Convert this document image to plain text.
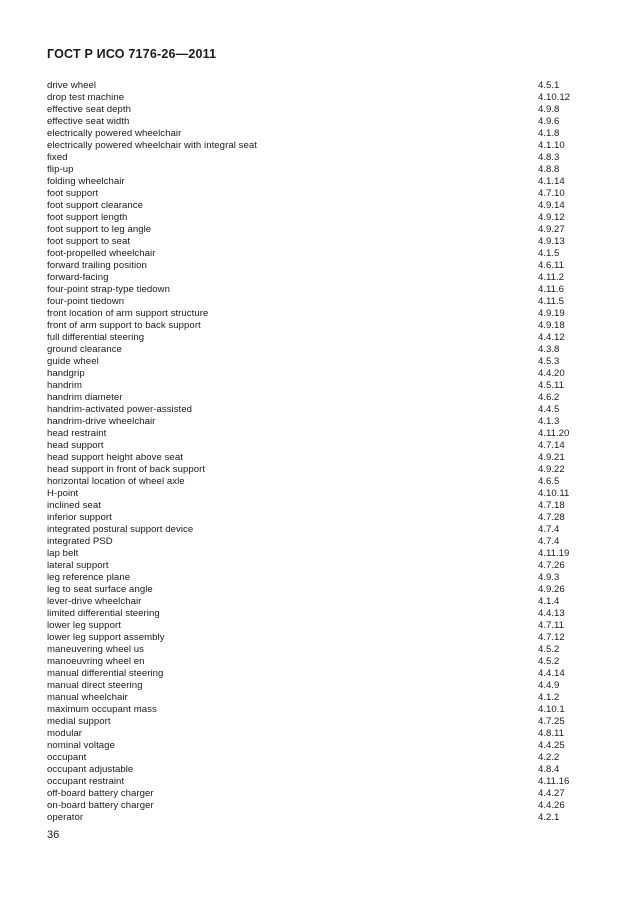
ГОСТ Р ИСО 7176-26—2011
drive wheel	4.5.1
drop test machine	4.10.12
effective seat depth	4.9.8
effective seat width	4.9.6
electrically powered wheelchair	4.1.8
electrically powered wheelchair with integral seat	4.1.10
fixed	4.8.3
flip-up	4.8.8
folding wheelchair	4.1.14
foot support	4.7.10
foot support clearance	4.9.14
foot support length	4.9.12
foot support to leg angle	4.9.27
foot support to seat	4.9.13
foot-propelled wheelchair	4.1.5
forward trailing position	4.6.11
forward-facing	4.11.2
four-point strap-type tiedown	4.11.6
four-point tiedown	4.11.5
front location of arm support structure	4.9.19
front of arm support to back support	4.9.18
full differential steering	4.4.12
ground clearance	4.3.8
guide wheel	4.5.3
handgrip	4.4.20
handrim	4.5.11
handrim diameter	4.6.2
handrim-activated power-assisted	4.4.5
handrim-drive wheelchair	4.1.3
head restraint	4.11.20
head support	4.7.14
head support height above seat	4.9.21
head support in front of back support	4.9.22
horizontal location of wheel axle	4.6.5
H-point	4.10.11
inclined seat	4.7.18
inferior support	4.7.28
integrated postural support device	4.7.4
integrated PSD	4.7.4
lap belt	4.11.19
lateral support	4.7.26
leg reference plane	4.9.3
leg to seat surface angle	4.9.26
lever-drive wheelchair	4.1.4
limited differential steering	4.4.13
lower leg support	4.7.11
lower leg support assembly	4.7.12
maneuvering wheel us	4.5.2
manoeuvring wheel en	4.5.2
manual differential steering	4.4.14
manual direct steering	4.4.9
manual wheelchair	4.1.2
maximum occupant mass	4.10.1
medial support	4.7.25
modular	4.8.11
nominal voltage	4.4.25
occupant	4.2.2
occupant adjustable	4.8.4
occupant restraint	4.11.16
off-board battery charger	4.4.27
on-board battery charger	4.4.26
operator	4.2.1
36
